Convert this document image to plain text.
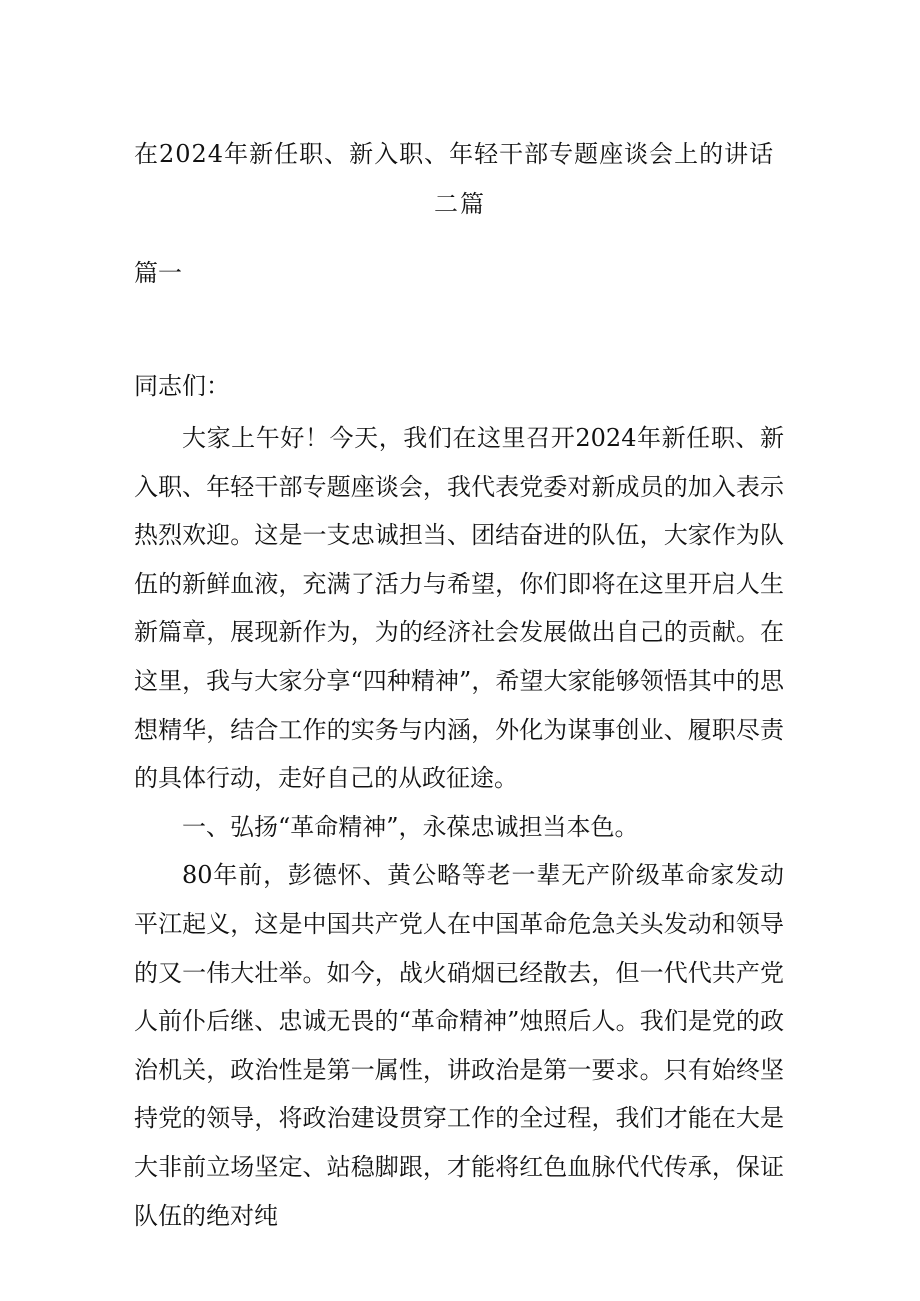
在2024年新任职、新入职、年轻干部专题座谈会上的讲话
二篇
篇一
同志们：

大家上午好！今天，我们在这里召开2024年新任职、新入职、年轻干部专题座谈会，我代表党委对新成员的加入表示热烈欢迎。这是一支忠诚担当、团结奋进的队伍，大家作为队伍的新鲜血液，充满了活力与希望，你们即将在这里开启人生新篇章，展现新作为，为的经济社会发展做出自己的贡献。在这里，我与大家分享“四种精神”，希望大家能够领悟其中的思想精华，结合工作的实务与内涵，外化为谋事创业、履职尽责的具体行动，走好自己的从政征途。

一、弘扬“革命精神”，永葆忠诚担当本色。

80年前，彭德怀、黄公略等老一辈无产阶级革命家发动平江起义，这是中国共产党人在中国革命危急关头发动和领导的又一伟大壮举。如今，战火硝烟已经散去，但一代代共产党人前仆后继、忠诚无畏的“革命精神”烛照后人。我们是党的政治机关，政治性是第一属性，讲政治是第一要求。只有始终坚持党的领导，将政治建设贯穿工作的全过程，我们才能在大是大非前立场坚定、站稳脚跟，才能将红色血脉代代传承，保证队伍的绝对纯
